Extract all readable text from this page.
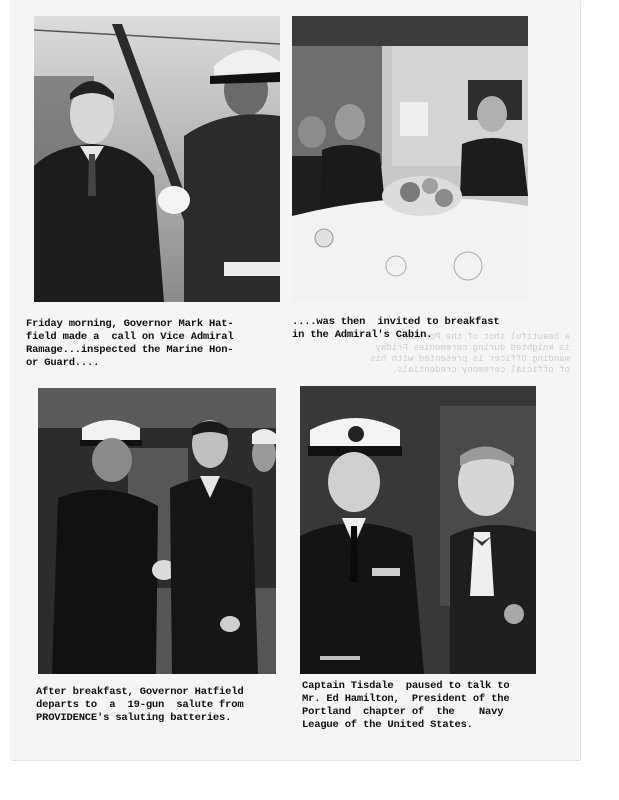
a beautiful shot of the Portland
is knighted during ceremonies Friday
manding Officer is presented with his
of official ceremony credentials.
Friday morning, Governor Mark Hat-
field made a  call on Vice Admiral
Ramage...inspected the Marine Hon-
or Guard....
....was then  invited to breakfast
in the Admiral's Cabin.
After breakfast, Governor Hatfield
departs to  a  19-gun  salute from
PROVIDENCE's saluting batteries.
Captain Tisdale  paused to talk to
Mr. Ed Hamilton,  President of the
Portland  chapter of  the    Navy
League of the United States.
